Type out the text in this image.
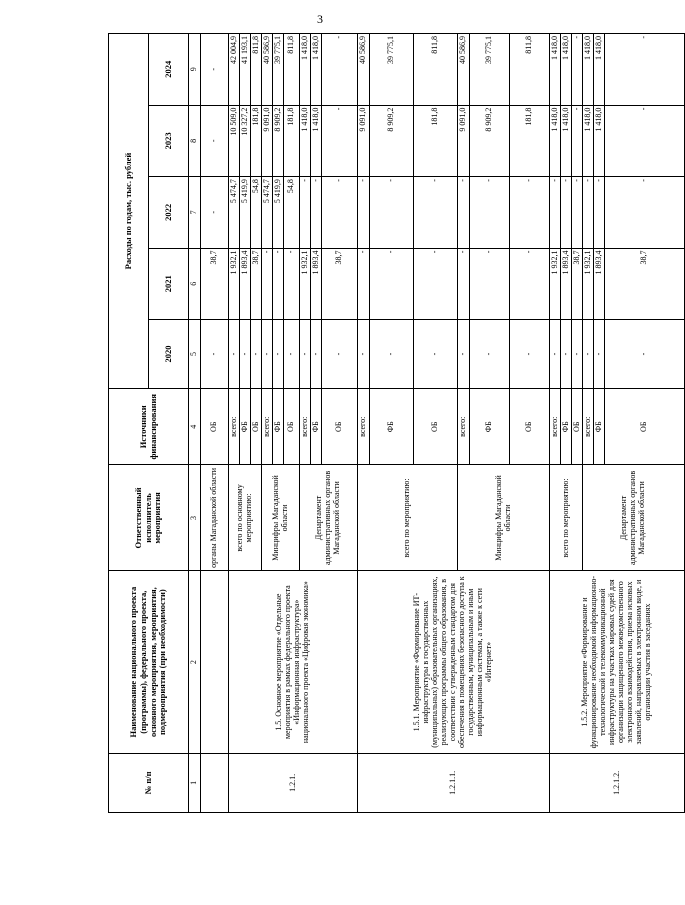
3
№ п/п	Наименование национального проекта (программы), федерального проекта, основного мероприятия, мероприятия, подмероприятия (при необходимости)	Ответственный исполнитель мероприятия	Источники финансирования	Расходы по годам, тыс. рублей				
				2020	2021	2022	2023	2024
1	2	3	4	5	6	7	8	9
		органы Магаданской области	ОБ	-	38,7	-	-	-
1.2.1.	1.5. Основное мероприятие «Отдельные мероприятия в рамках федерального проекта «Информационная инфраструктура» национального проекта «Цифровая экономика»	всего по основному мероприятию:	всего:	-	1 932,1	5 474,7	10 509,0	42 004,9
			ФБ	-	1 893,4	5 419,9	10 327,2	41 193,1
			ОБ	-	38,7	54,8	181,8	811,8
		Минцифры Магаданской области	всего:	-	-	5 474,7	9 091,0	40 586,9
			ФБ	-	-	5 419,9	8 909,2	39 775,1
			ОБ	-	-	54,8	181,8	811,8
		Департамент административных органов Магаданской области	всего:	-	1 932,1	-	1 418,0	1 418,0
			ФБ	-	1 893,4	-	1 418,0	1 418,0
			ОБ	-	38,7	-	-	-
1.2.1.1.	1.5.1. Мероприятие «Формирование ИТ-инфраструктуры в государственных (муниципальных) образовательных организациях, реализующих программы общего образования, в соответствии с утвержденным стандартом для обеспечения в помещениях безопасного доступа к государственным, муниципальным и иным информационным системам, а также к сети «Интернет»	всего по мероприятию:	всего:	-	-	-	9 091,0	40 586,9
			ФБ	-	-	-	8 909,2	39 775,1
			ОБ	-	-	-	181,8	811,8
		Минцифры Магаданской области	всего:	-	-	-	9 091,0	40 586,9
			ФБ	-	-	-	8 909,2	39 775,1
			ОБ	-	-	-	181,8	811,8
1.2.1.2.	1.5.2. Мероприятие «Формирование и функционирование необходимой информационно-технологической и телекоммуникационной инфраструктуры на участках мировых судей для организации защищенного межведомственного электронного взаимодействия, приема исковых заявлений, направляемых в электронном виде, и организации участия в заседаниях	всего по мероприятию:	всего:	-	1 932,1	-	1 418,0	1 418,0
			ФБ	-	1 893,4	-	1 418,0	1 418,0
			ОБ	-	38,7	-	-	-
		Департамент административных органов Магаданской области	всего:	-	1 932,1	-	1 418,0	1 418,0
			ФБ	-	1 893,4	-	1 418,0	1 418,0
			ОБ	-	38,7	-	-	-
